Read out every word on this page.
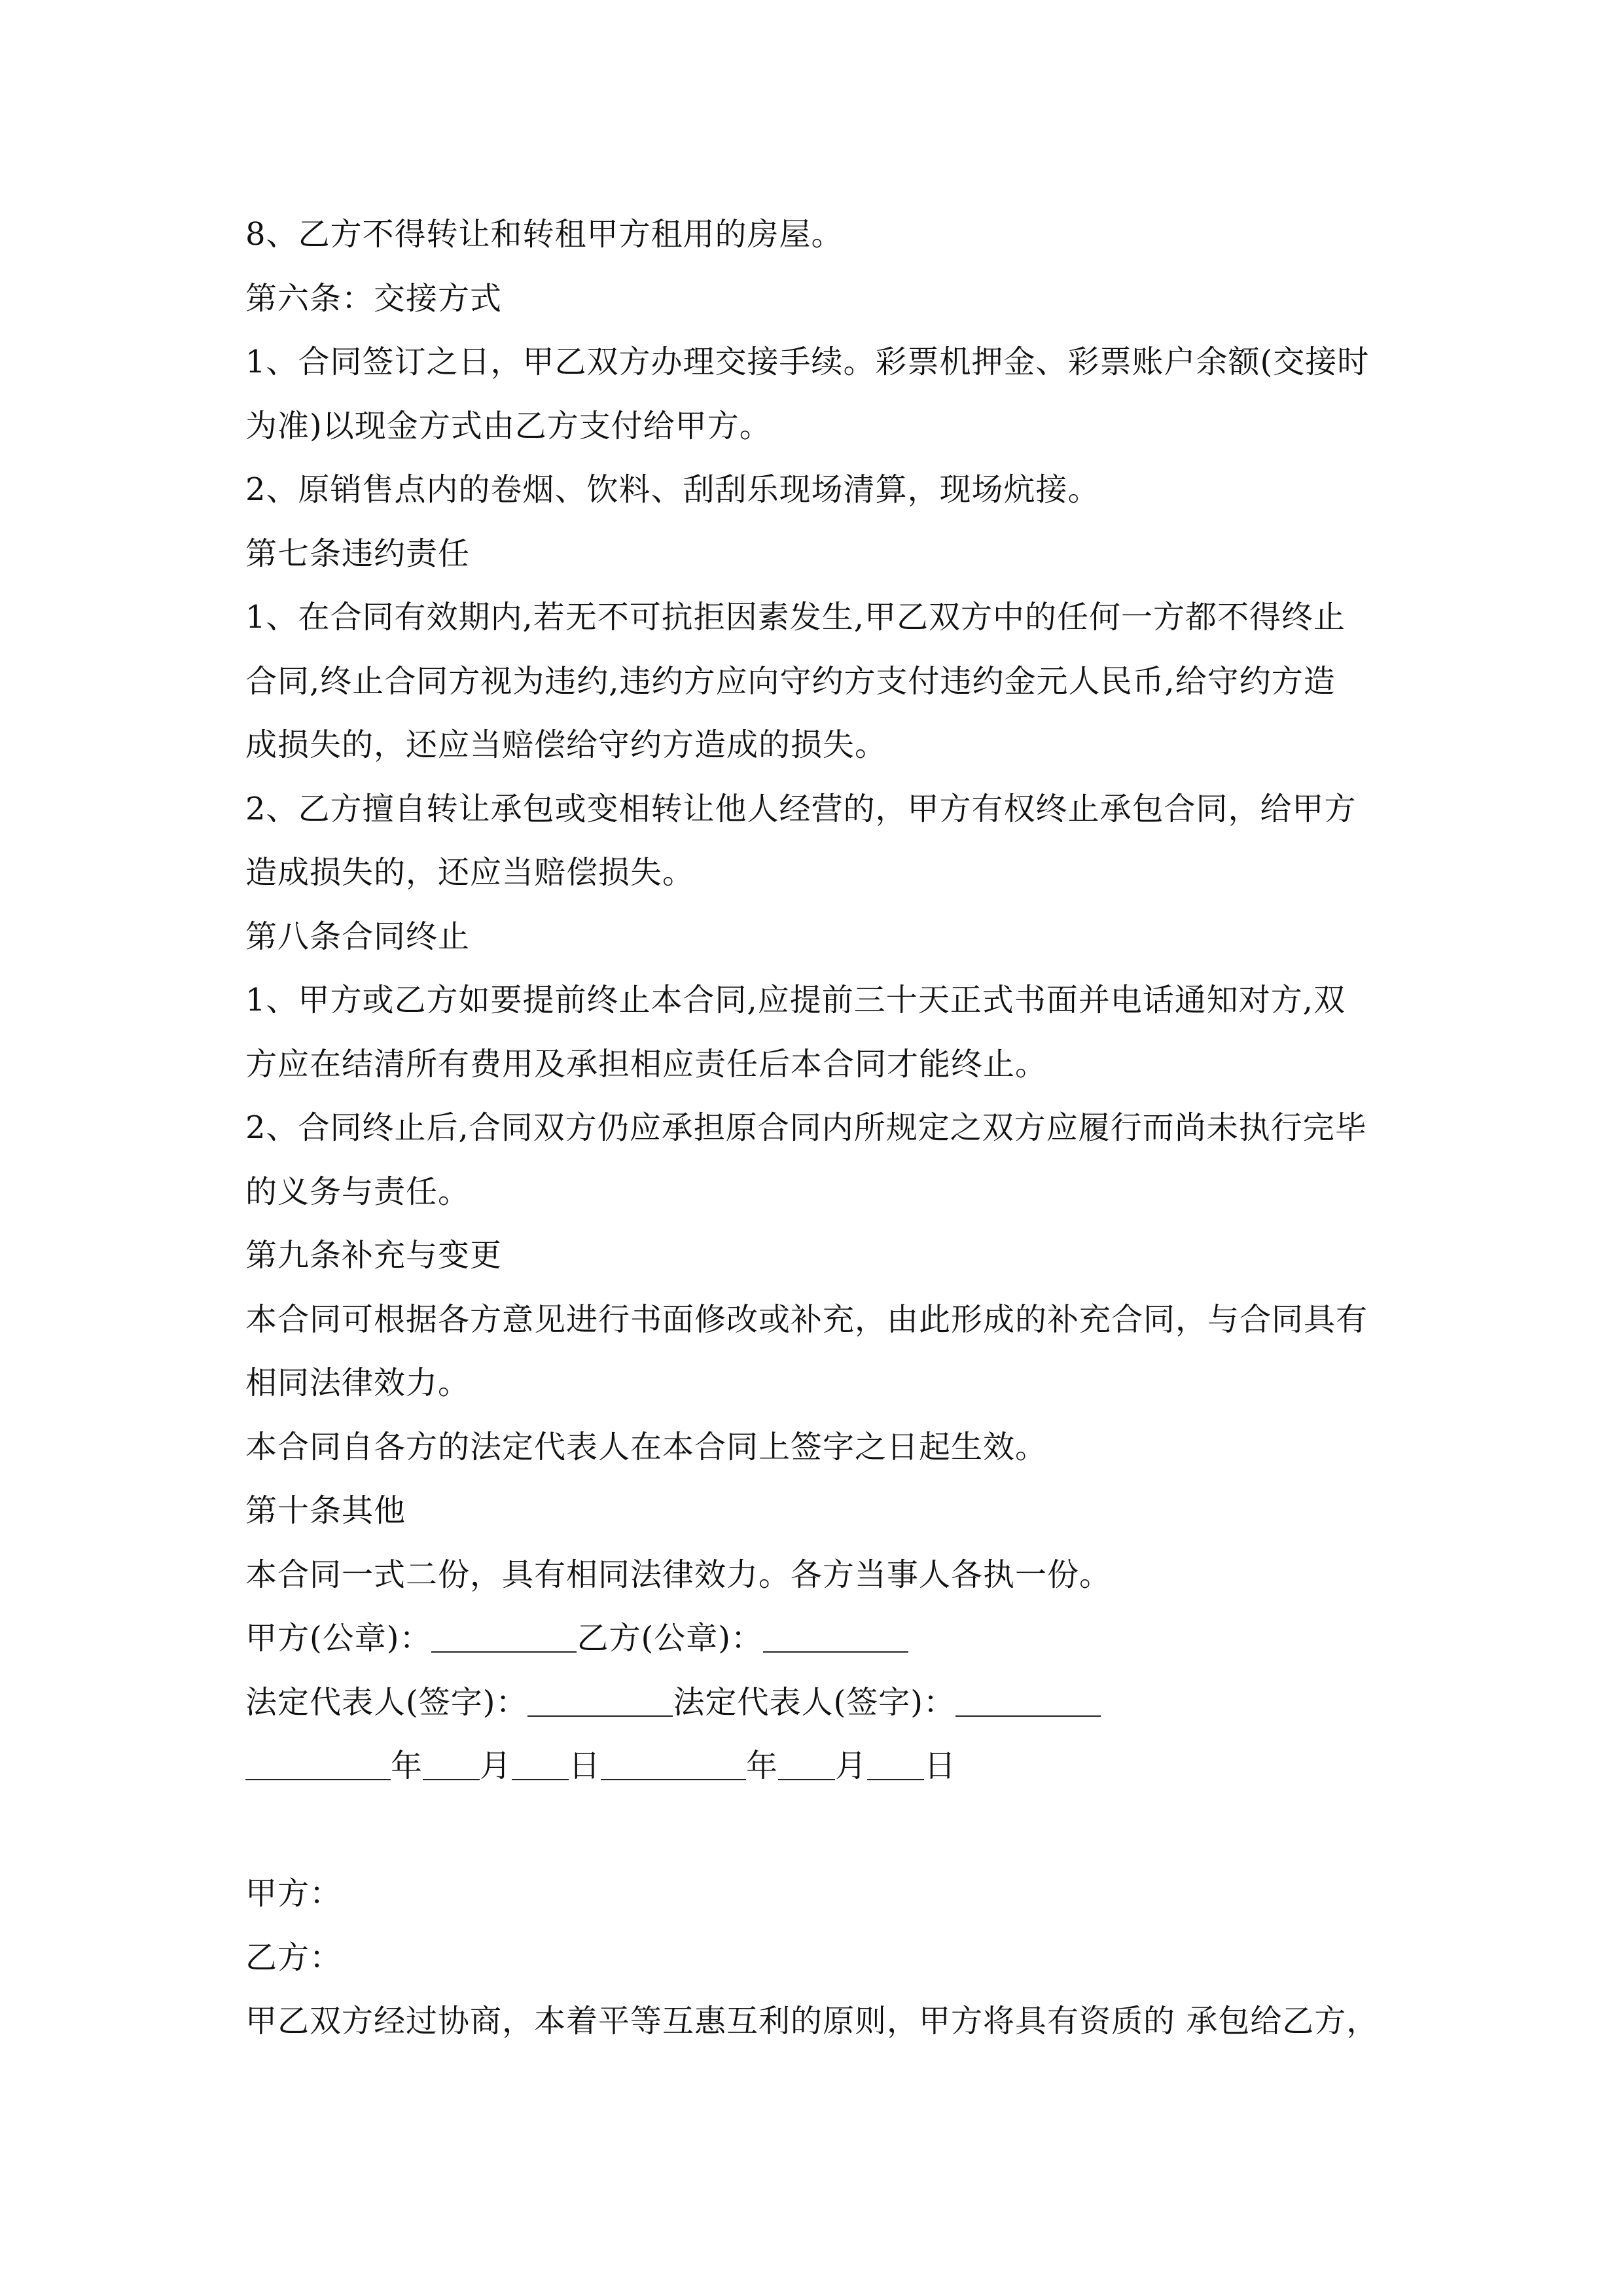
8、乙方不得转让和转租甲方租用的房屋。
第六条：交接方式
1、合同签订之日，甲乙双方办理交接手续。彩票机押金、彩票账户余额(交接时
为准)以现金方式由乙方支付给甲方。
2、原销售点内的卷烟、饮料、刮刮乐现场清算，现场炕接。
第七条违约责任
1、在合同有效期内,若无不可抗拒因素发生,甲乙双方中的任何一方都不得终止
合同,终止合同方视为违约,违约方应向守约方支付违约金元人民币,给守约方造
成损失的，还应当赔偿给守约方造成的损失。
2、乙方擅自转让承包或变相转让他人经营的，甲方有权终止承包合同，给甲方
造成损失的，还应当赔偿损失。
第八条合同终止
1、甲方或乙方如要提前终止本合同,应提前三十天正式书面并电话通知对方,双
方应在结清所有费用及承担相应责任后本合同才能终止。
2、合同终止后,合同双方仍应承担原合同内所规定之双方应履行而尚未执行完毕
的义务与责任。
第九条补充与变更
本合同可根据各方意见进行书面修改或补充，由此形成的补充合同，与合同具有
相同法律效力。
本合同自各方的法定代表人在本合同上签字之日起生效。
第十条其他
本合同一式二份，具有相同法律效力。各方当事人各执一份。
甲方(公章)：	乙方(公章)：
法定代表人(签字)：	法定代表人(签字)：
年 月 日	年 月 日
甲方：
乙方：
甲乙双方经过协商，本着平等互惠互利的原则，甲方将具有资质的 承包给乙方，
